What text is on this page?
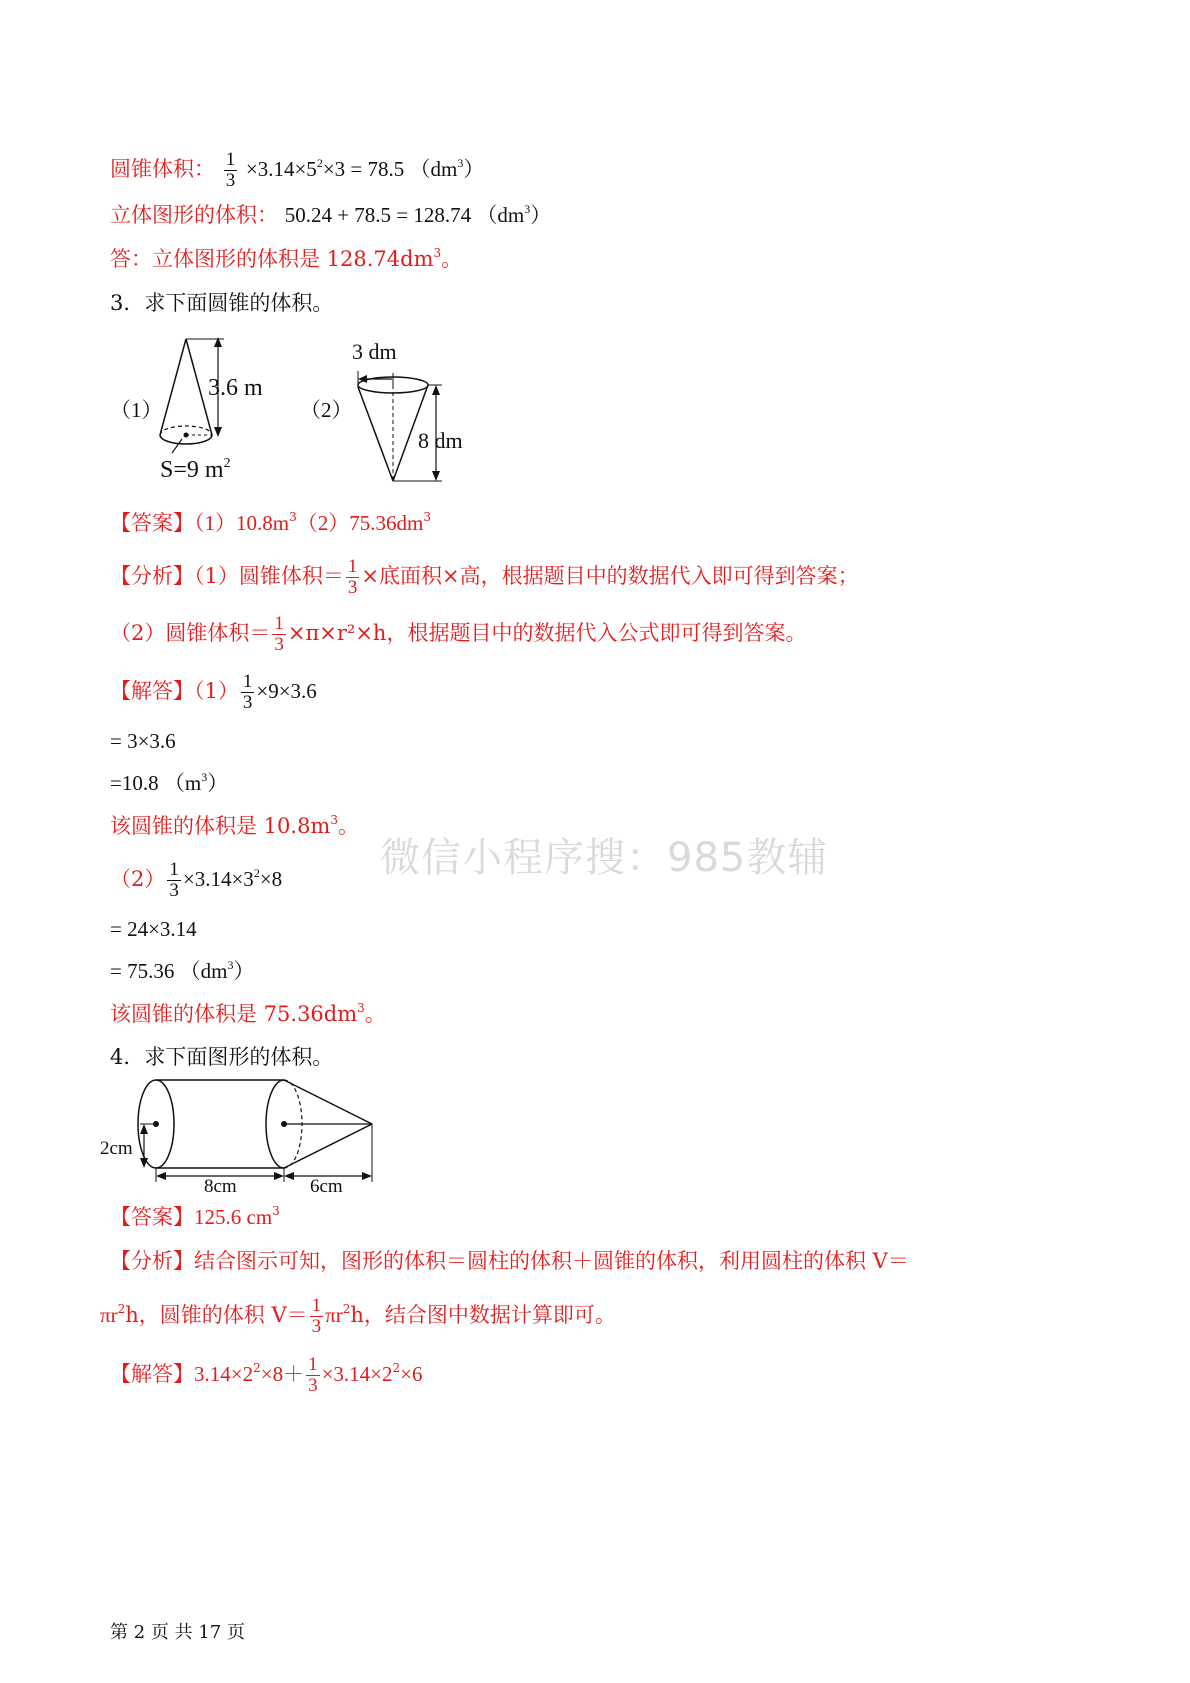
圆锥体积： $\frac{1}{3} \times 3.14\times 5^2\times 3 = 78.5$ $(dm^3)$
立体图形的体积： 50.24 + 78.5 = 128.74 $(dm^3)$
答：立体图形的体积是 $128.74dm^3$。
3．求下面圆锥的体积。
（1）
3.6 m
S=9 $m^2$
（2）
3 dm
8 dm
【答案】$(1)10.8m^3(2)75.36dm^3$
【分析】（1）圆锥体积＝ $\frac{1}{3}$ ×底面积×高，根据题目中的数据代入即可得到答案；
（2）圆锥体积＝ $\frac{1}{3} \times\pi\times r^2\times h$，根据题目中的数据代入公式即可得到答案。
【解答】$(1) \frac{1}{3} \times 9\times 3.6$
= 3×3.6
=10.8 $(m^3)$
该圆锥的体积是 $10.8m^3$。
$(2) \frac{1}{3} \times 3.14\times 3^2\times 8$
= 24×3.14
= 75.36 $(dm^3)$
该圆锥的体积是 $75.36dm^3$。
4．求下面图形的体积。
2cm
8cm	6cm
【答案】125.6 $cm^3$
【分析】结合图示可知，图形的体积＝圆柱的体积＋圆锥的体积，利用圆柱的体积 V＝
$\pi r^2h$，圆锥的体积 $V= \frac{1}{3} \pi r^2h$，结合图中数据计算即可。
【解答】$3.14\times 2^2\times 8+ \frac{1}{3} \times 3.14\times 2^2\times 6$
微信小程序搜：985教辅
第 2 页 共 17 页
